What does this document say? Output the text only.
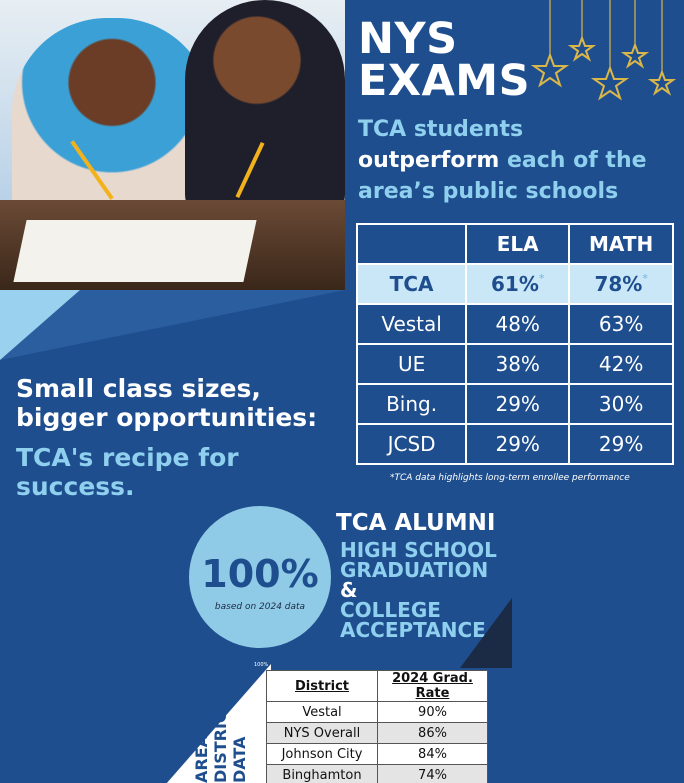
NYS
EXAMS

TCA students
outperform each of the area’s public schools

	ELA	MATH
TCA	61%*	78%*
Vestal	48%	63%
UE	38%	42%
Bing.	29%	30%
JCSD	29%	29%

*TCA data highlights long-term enrollee performance

Small class sizes,
bigger opportunities:

TCA's recipe for
success.

100%
based on 2024 data

TCA ALUMNI

HIGH SCHOOL
GRADUATION

&

COLLEGE
ACCEPTANCE

100%

AREA
DISTRICT
DATA

District	2024 Grad. Rate
Vestal	90%
NYS Overall	86%
Johnson City	84%
Binghamton	74%
